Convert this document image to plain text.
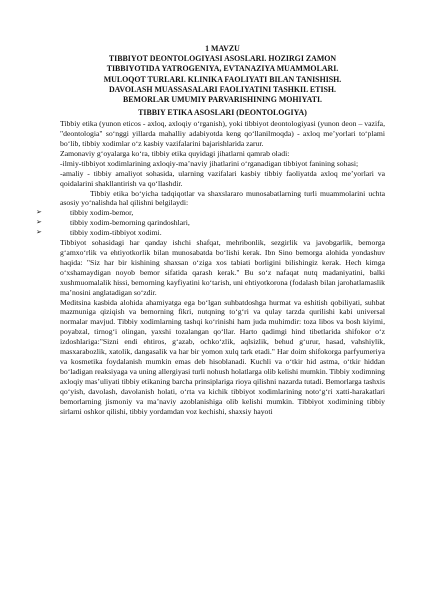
1 MAVZU
TIBBIYOT DEONTOLOGIYASI ASOSLARI. HOZIRGI ZAMON
TIBBIYOTIDA YATROGENIYA, EVTANAZIYA MUAMMOLARI.
MULOQOT TURLARI. KLINIKA FAOLIYATI BILAN TANISHISH.
DAVOLASH MUASSASALARI FAOLIYATINI TASHKIL ETISH.
BEMORLAR UMUMIY PARVARISHINING MOHIYATI.
TIBBIY ETIKA ASOSLARI (DEONTOLOGIYA)

Tibbiy etika (yunon eticos - axloq, axloqiy o‘rganish), yoki tibbiyot deontologiyasi (yunon deon – vazifa, "deontologia" so‘nggi yillarda mahalliy adabiyotda keng qo‘llanilmoqda) - axloq me’yorlari to‘plami bo‘lib, tibbiy xodimlar o‘z kasbiy vazifalarini bajarishlarida zarur.

Zamonaviy g‘oyalarga ko‘ra, tibbiy etika quyidagi jihatlarni qamrab oladi:

-ilmiy-tibbiyot xodimlarining axloqiy-ma’naviy jihatlarini o‘rganadigan tibbiyot fanining sohasi;

-amaliy - tibbiy amaliyot sohasida, ularning vazifalari kasbiy tibbiy faoliyatda axloq me’yorlari va qoidalarini shakllantirish va qo‘llashdir.

Tibbiy etika bo‘yicha tadqiqotlar va shaxslararo munosabatlarning turli muammolarini uchta asosiy yo‘nalishda hal qilishni belgilaydi:

➢	tibbiy xodim-bemor,
➢	tibbiy xodim-bemorning qarindoshlari,
➢	tibbiy xodim-tibbiyot xodimi.

Tibbiyot sohasidagi har qanday ishchi shafqat, mehribonlik, sezgirlik va javobgarlik, bemorga g‘amxo‘rlik va ehtiyotkorlik bilan munosabatda bo‘lishi kerak. Ibn Sino bemorga alohida yondashuv haqida: "Siz har bir kishining shaxsan o‘ziga xos tabiati borligini bilishingiz kerak. Hech kimga o‘xshamaydigan noyob bemor sifatida qarash kerak." Bu so‘z nafaqat nutq madaniyatini, balki xushmuomalalik hissi, bemorning kayfiyatini ko‘tarish, uni ehtiyotkorona (fodalash bilan jarohatlamaslik ma’nosini anglatadigan so‘zdir.

Meditsina kasbida alohida ahamiyatga ega bo‘lgan suhbatdoshga hurmat va eshitish qobiliyati, suhbat mazmuniga qiziqish va bemorning fikri, nutqning to‘g‘ri va qulay tarzda qurilishi kabi universal normalar mavjud. Tibbiy xodimlarning tashqi ko‘rinishi ham juda muhimdir: toza libos va bosh kiyimi, poyabzal, tirnog‘i olingan, yaxshi tozalangan qo‘llar. Harto qadimgi hind tibetlarida shifokor o‘z izdoshlariga:"Sizni endi ehtiros, g‘azab, ochko‘zlik, aqlsizlik, behud g‘urur, hasad, vahshiylik, masxarabozlik, xatolik, dangasalik va har bir yomon xulq tark etadi." Har doim shifokorga parfyumeriya va kosmetika foydalanish mumkin emas deb hisoblanadi. Kuchli va o‘tkir hid astma, o‘tkir hiddan bo‘ladigan reaksiyaga va uning allergiyasi turli nohush holatlarga olib kelishi mumkin. Tibbiy xodimning axloqiy mas’uliyati tibbiy etikaning barcha prinsiplariga rioya qilishni nazarda tutadi. Bemorlarga tashxis qo‘yish, davolash, davolanish holati, o‘rta va kichik tibbiyot xodimlarining noto‘g‘ri xatti-harakatlari bemorlarning jismoniy va ma’naviy azoblanishiga olib kelishi mumkin. Tibbiyot xodimining tibbiy sirlarni oshkor qilishi, tibbiy yordamdan voz kechishi, shaxsiy hayoti
